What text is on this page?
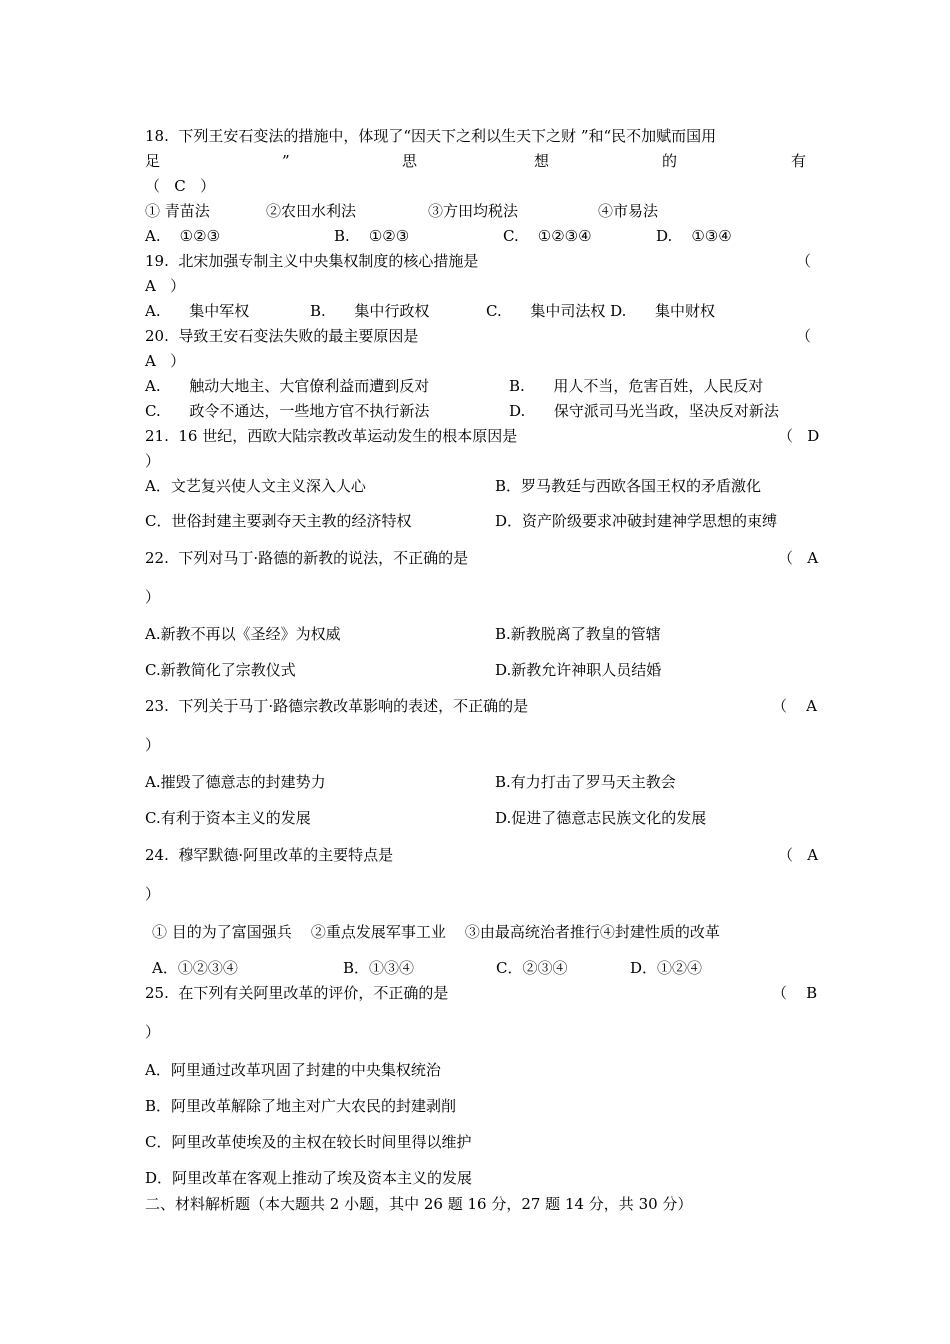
18.  下列王安石变法的措施中，体现了“因天下之利以生天下之财 ”和“民不加赋而国用
足	”	思	想	的	有
（   C   ）
① 青苗法	②农田水利法	③方田均税法	④市易法
A.    ①②③	B.    ①②③	C.    ①②③④	D.    ①③④
19.  北宋加强专制主义中央集权制度的核心措施是	（
A   ）
A.      集中军权	B.      集中行政权	C.      集中司法权 D.      集中财权
20.  导致王安石变法失败的最主要原因是	（
A   ）
A.      触动大地主、大官僚利益而遭到反对	B.      用人不当，危害百姓，人民反对
C.      政令不通达，一些地方官不执行新法	D.      保守派司马光当政，坚决反对新法
21.  16 世纪，西欧大陆宗教改革运动发生的根本原因是	（   D
）
A．文艺复兴使人文主义深入人心	B．罗马教廷与西欧各国王权的矛盾激化
C．世俗封建主要剥夺天主教的经济特权	D．资产阶级要求冲破封建神学思想的束缚
22.  下列对马丁·路德的新教的说法，不正确的是	（   A
）
A.新教不再以《圣经》为权威	B.新教脱离了教皇的管辖
C.新教简化了宗教仪式	D.新教允许神职人员结婚
23.  下列关于马丁·路德宗教改革影响的表述，不正确的是	（    A
）
A.摧毁了德意志的封建势力	B.有力打击了罗马天主教会
C.有利于资本主义的发展	D.促进了德意志民族文化的发展
24.  穆罕默德·阿里改革的主要特点是	（   A
）
① 目的为了富国强兵    ②重点发展军事工业    ③由最高统治者推行④封建性质的改革
A．①②③④	B．①③④	C．②③④	D．①②④
25.  在下列有关阿里改革的评价，不正确的是	（    B
）
A．阿里通过改革巩固了封建的中央集权统治
B．阿里改革解除了地主对广大农民的封建剥削
C．阿里改革使埃及的主权在较长时间里得以维护
D．阿里改革在客观上推动了埃及资本主义的发展
二、材料解析题（本大题共 2 小题，其中 26 题 16 分，27 题 14 分，共 30 分）
